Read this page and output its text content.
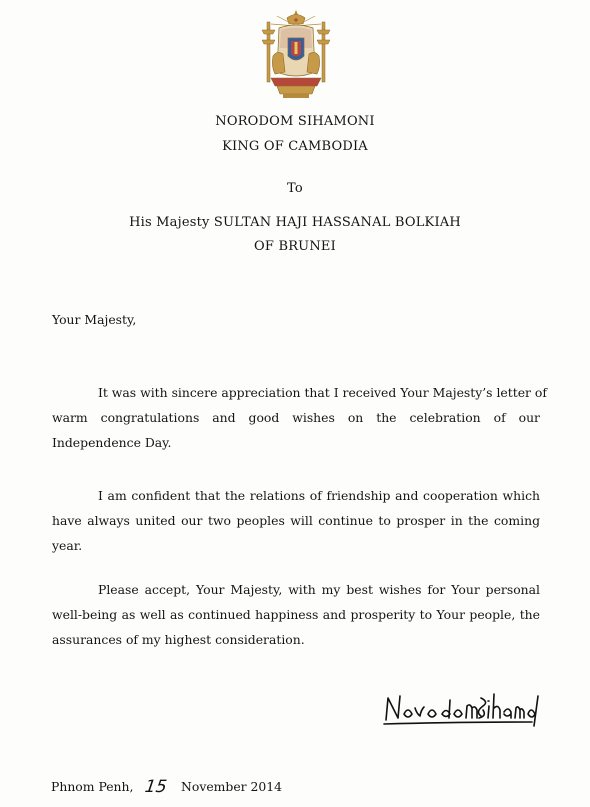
NORODOM SIHAMONI
KING OF CAMBODIA
To
His Majesty SULTAN HAJI HASSANAL BOLKIAH
OF BRUNEI
Your Majesty,
It was with sincere appreciation that I received Your Majesty’s letter of
warm congratulations and good wishes on the celebration of our
Independence Day.
I am confident that the relations of friendship and cooperation which
have always united our two peoples will continue to prosper in the coming
year.
Please accept, Your Majesty, with my best wishes for Your personal
well-being as well as continued happiness and prosperity to Your people, the
assurances of my highest consideration.
Phnom Penh, 15 November 2014
